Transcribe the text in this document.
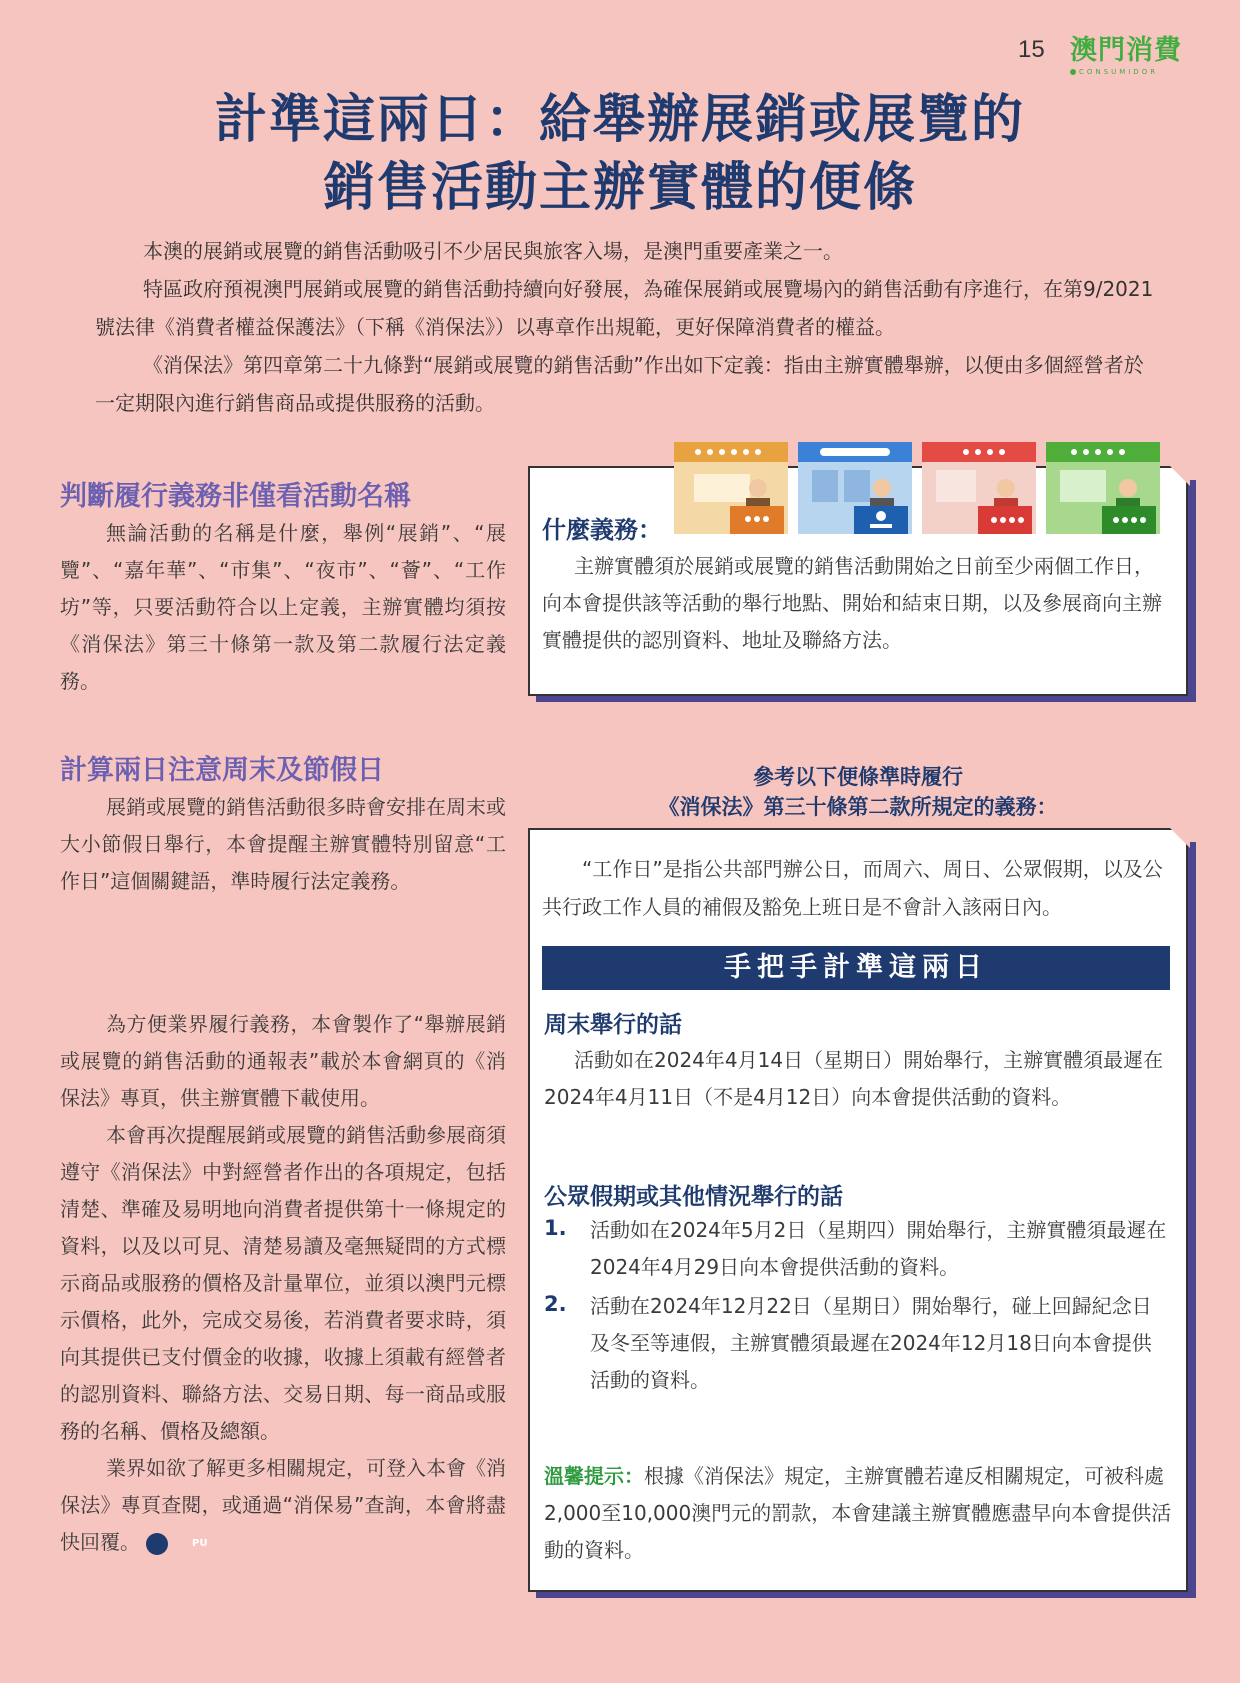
15 澳門消費
CONSUMIDOR
計準這兩日：給舉辦展銷或展覽的
銷售活動主辦實體的便條

本澳的展銷或展覽的銷售活動吸引不少居民與旅客入場，是澳門重要產業之一。

特區政府預視澳門展銷或展覽的銷售活動持續向好發展，為確保展銷或展覽場內的銷售活動有序進行，在第9/2021號法律《消費者權益保護法》（下稱《消保法》）以專章作出規範，更好保障消費者的權益。

《消保法》第四章第二十九條對“展銷或展覽的銷售活動”作出如下定義：指由主辦實體舉辦，以便由多個經營者於一定期限內進行銷售商品或提供服務的活動。

判斷履行義務非僅看活動名稱

無論活動的名稱是什麼，舉例“展銷”、“展覽”、“嘉年華”、“市集”、“夜市”、“薈”、“工作坊”等，只要活動符合以上定義，主辦實體均須按《消保法》第三十條第一款及第二款履行法定義務。

計算兩日注意周末及節假日

展銷或展覽的銷售活動很多時會安排在周末或大小節假日舉行，本會提醒主辦實體特別留意“工作日”這個關鍵語，準時履行法定義務。

為方便業界履行義務，本會製作了“舉辦展銷或展覽的銷售活動的通報表”載於本會網頁的《消保法》專頁，供主辦實體下載使用。

本會再次提醒展銷或展覽的銷售活動參展商須遵守《消保法》中對經營者作出的各項規定，包括清楚、準確及易明地向消費者提供第十一條規定的資料，以及以可見、清楚易讀及毫無疑問的方式標示商品或服務的價格及計量單位，並須以澳門元標示價格，此外，完成交易後，若消費者要求時，須向其提供已支付價金的收據，收據上須載有經營者的認別資料、聯絡方法、交易日期、每一商品或服務的名稱、價格及總額。

業界如欲了解更多相關規定，可登入本會《消保法》專頁查閱，或通過“消保易”查詢，本會將盡快回覆。	PU

什麼義務：
主辦實體須於展銷或展覽的銷售活動開始之日前至少兩個工作日，向本會提供該等活動的舉行地點、開始和結束日期，以及參展商向主辦實體提供的認別資料、地址及聯絡方法。
參考以下便條準時履行
《消保法》第三十條第二款所規定的義務：
“工作日”是指公共部門辦公日，而周六、周日、公眾假期，以及公共行政工作人員的補假及豁免上班日是不會計入該兩日內。
手把手計準這兩日
周末舉行的話
活動如在2024年4月14日（星期日）開始舉行，主辦實體須最遲在2024年4月11日（不是4月12日）向本會提供活動的資料。
公眾假期或其他情況舉行的話
1. 活動如在2024年5月2日（星期四）開始舉行，主辦實體須最遲在2024年4月29日向本會提供活動的資料。
2. 活動在2024年12月22日（星期日）開始舉行，碰上回歸紀念日及冬至等連假，主辦實體須最遲在2024年12月18日向本會提供活動的資料。
溫馨提示：根據《消保法》規定，主辦實體若違反相關規定，可被科處2,000至10,000澳門元的罰款，本會建議主辦實體應盡早向本會提供活動的資料。
